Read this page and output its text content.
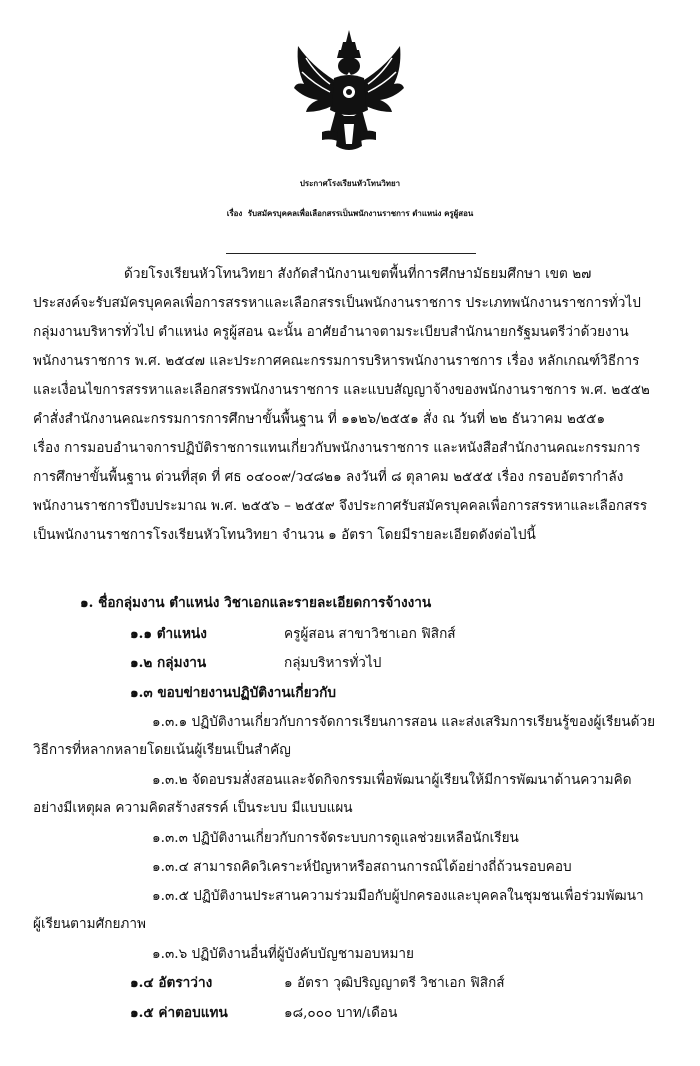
ประกาศโรงเรียนหัวโทนวิทยา
เรื่อง รับสมัครบุคคลเพื่อเลือกสรรเป็นพนักงานราชการ ตำแหน่ง ครูผู้สอน
ด้วยโรงเรียนหัวโทนวิทยา สังกัดสำนักงานเขตพื้นที่การศึกษามัธยมศึกษา เขต ๒๗
ประสงค์จะรับสมัครบุคคลเพื่อการสรรหาและเลือกสรรเป็นพนักงานราชการ ประเภทพนักงานราชการทั่วไป
กลุ่มงานบริหารทั่วไป ตำแหน่ง ครูผู้สอน ฉะนั้น อาศัยอำนาจตามระเบียบสำนักนายกรัฐมนตรีว่าด้วยงาน
พนักงานราชการ พ.ศ. ๒๕๔๗ และประกาศคณะกรรมการบริหารพนักงานราชการ เรื่อง หลักเกณฑ์วิธีการ
และเงื่อนไขการสรรหาและเลือกสรรพนักงานราชการ และแบบสัญญาจ้างของพนักงานราชการ พ.ศ. ๒๕๕๒
คำสั่งสำนักงานคณะกรรมการการศึกษาขั้นพื้นฐาน ที่ ๑๑๒๖/๒๕๕๑ สั่ง ณ วันที่ ๒๒ ธันวาคม ๒๕๕๑
เรื่อง การมอบอำนาจการปฏิบัติราชการแทนเกี่ยวกับพนักงานราชการ และหนังสือสำนักงานคณะกรรมการ
การศึกษาขั้นพื้นฐาน ด่วนที่สุด ที่ ศธ ๐๔๐๐๙/ว๔๘๒๑ ลงวันที่ ๘ ตุลาคม ๒๕๕๕ เรื่อง กรอบอัตรากำลัง
พนักงานราชการปีงบประมาณ พ.ศ. ๒๕๕๖ – ๒๕๕๙ จึงประกาศรับสมัครบุคคลเพื่อการสรรหาและเลือกสรร
เป็นพนักงานราชการโรงเรียนหัวโทนวิทยา จำนวน ๑ อัตรา โดยมีรายละเอียดดังต่อไปนี้
๑. ชื่อกลุ่มงาน ตำแหน่ง วิชาเอกและรายละเอียดการจ้างงาน
๑.๑ ตำแหน่ง	ครูผู้สอน สาขาวิชาเอก ฟิสิกส์
๑.๒ กลุ่มงาน	กลุ่มบริหารทั่วไป
๑.๓ ขอบข่ายงานปฏิบัติงานเกี่ยวกับ
๑.๓.๑ ปฏิบัติงานเกี่ยวกับการจัดการเรียนการสอน และส่งเสริมการเรียนรู้ของผู้เรียนด้วย
วิธีการที่หลากหลายโดยเน้นผู้เรียนเป็นสำคัญ
๑.๓.๒ จัดอบรมสั่งสอนและจัดกิจกรรมเพื่อพัฒนาผู้เรียนให้มีการพัฒนาด้านความคิด
อย่างมีเหตุผล ความคิดสร้างสรรค์ เป็นระบบ มีแบบแผน
๑.๓.๓ ปฏิบัติงานเกี่ยวกับการจัดระบบการดูแลช่วยเหลือนักเรียน
๑.๓.๔ สามารถคิดวิเคราะห์ปัญหาหรือสถานการณ์ได้อย่างถี่ถ้วนรอบคอบ
๑.๓.๕ ปฏิบัติงานประสานความร่วมมือกับผู้ปกครองและบุคคลในชุมชนเพื่อร่วมพัฒนา
ผู้เรียนตามศักยภาพ
๑.๓.๖ ปฏิบัติงานอื่นที่ผู้บังคับบัญชามอบหมาย
๑.๔ อัตราว่าง	๑ อัตรา วุฒิปริญญาตรี วิชาเอก ฟิสิกส์
๑.๕ ค่าตอบแทน	๑๘,๐๐๐ บาท/เดือน
